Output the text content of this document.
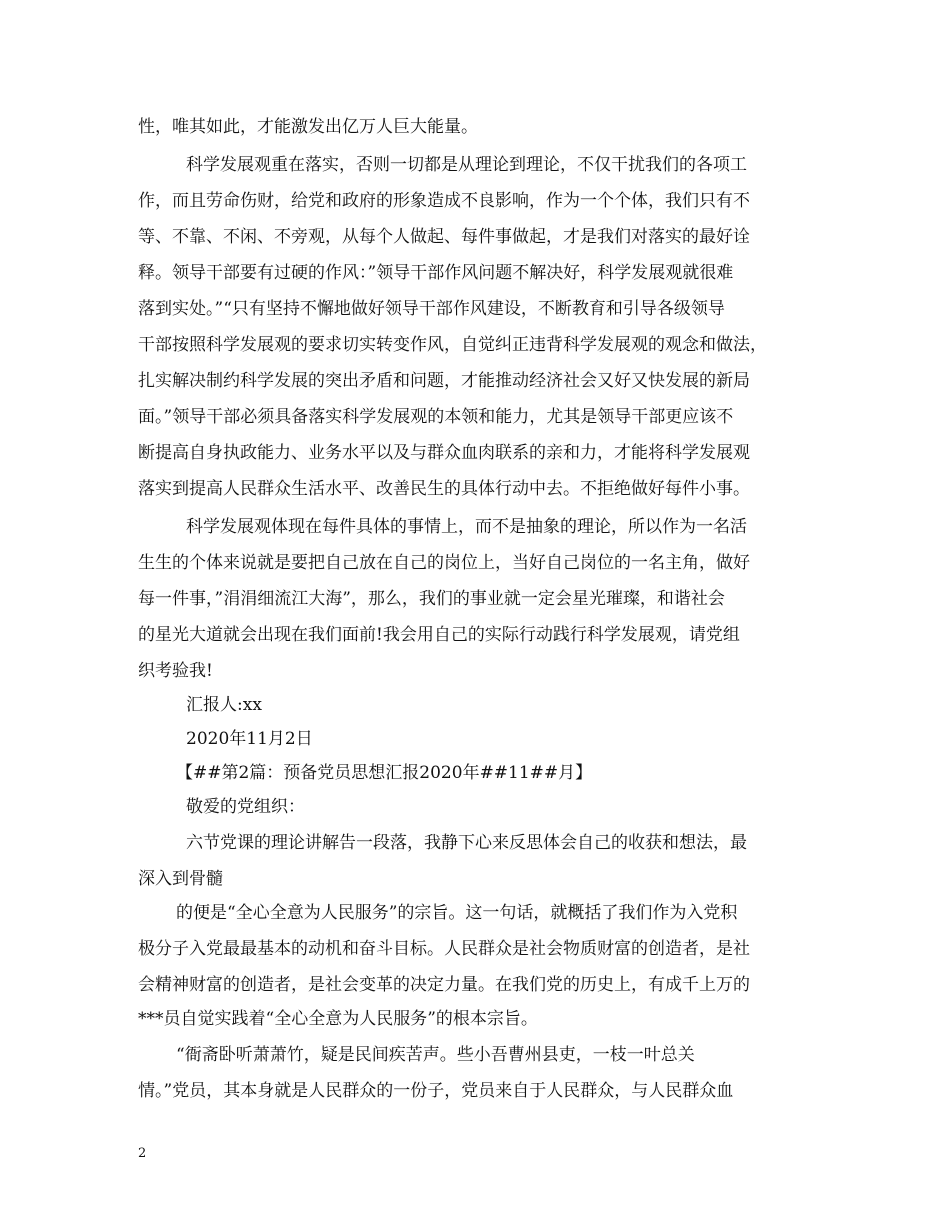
性，唯其如此，才能激发出亿万人巨大能量。
科学发展观重在落实，否则一切都是从理论到理论，不仅干扰我们的各项工
作，而且劳命伤财，给党和政府的形象造成不良影响，作为一个个体，我们只有不
等、不靠、不闲、不旁观，从每个人做起、每件事做起，才是我们对落实的最好诠
释。领导干部要有过硬的作风：”领导干部作风问题不解决好，科学发展观就很难
落到实处。”“只有坚持不懈地做好领导干部作风建设，不断教育和引导各级领导
干部按照科学发展观的要求切实转变作风，自觉纠正违背科学发展观的观念和做法，
扎实解决制约科学发展的突出矛盾和问题，才能推动经济社会又好又快发展的新局
面。”领导干部必须具备落实科学发展观的本领和能力，尤其是领导干部更应该不
断提高自身执政能力、业务水平以及与群众血肉联系的亲和力，才能将科学发展观
落实到提高人民群众生活水平、改善民生的具体行动中去。不拒绝做好每件小事。
科学发展观体现在每件具体的事情上，而不是抽象的理论，所以作为一名活
生生的个体来说就是要把自己放在自己的岗位上，当好自己岗位的一名主角，做好
每一件事，”涓涓细流江大海”，那么，我们的事业就一定会星光璀璨，和谐社会
的星光大道就会出现在我们面前!我会用自己的实际行动践行科学发展观，请党组
织考验我!
汇报人:xx
2020年11月2日
【##第2篇：预备党员思想汇报2020年##11##月】
敬爱的党组织：
六节党课的理论讲解告一段落，我静下心来反思体会自己的收获和想法，最
深入到骨髓
的便是“全心全意为人民服务”的宗旨。这一句话，就概括了我们作为入党积
极分子入党最最基本的动机和奋斗目标。人民群众是社会物质财富的创造者，是社
会精神财富的创造者，是社会变革的决定力量。在我们党的历史上，有成千上万的
***员自觉实践着“全心全意为人民服务”的根本宗旨。
“衙斋卧听萧萧竹，疑是民间疾苦声。些小吾曹州县吏，一枝一叶总关
情。”党员，其本身就是人民群众的一份子，党员来自于人民群众，与人民群众血
2
